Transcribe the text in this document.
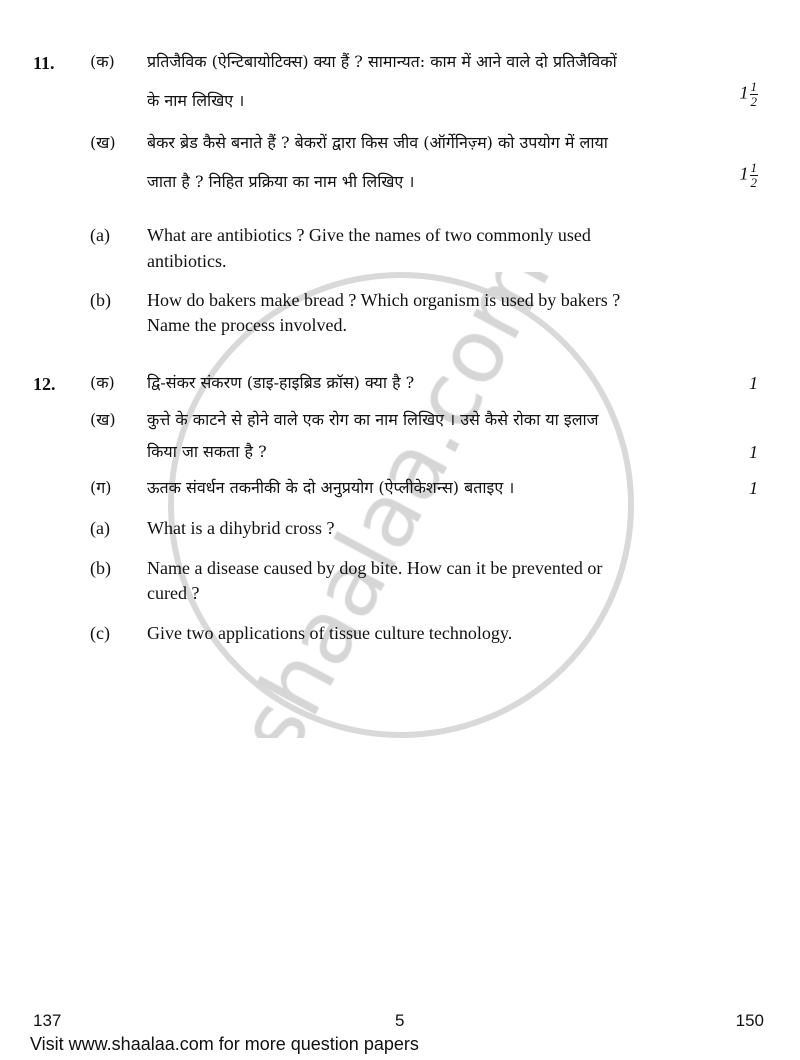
11. (क) प्रतिजैविक (ऐन्टिबायोटिक्स) क्या हैं ? सामान्यत: काम में आने वाले दो प्रतिजैविकों
के नाम लिखिए ।	$1 \frac{1}{2}$
(ख) बेकर ब्रेड कैसे बनाते हैं ? बेकरों द्वारा किस जीव (ऑर्गेनिज़्म) को उपयोग में लाया
जाता है ? निहित प्रक्रिया का नाम भी लिखिए ।	$1 \frac{1}{2}$
(a) What are antibiotics ? Give the names of two commonly used
antibiotics.
(b) How do bakers make bread ? Which organism is used by bakers ?
Name the process involved.
12. (क) द्वि-संकर संकरण (डाइ-हाइब्रिड क्रॉस) क्या है ?	1
(ख) कुत्ते के काटने से होने वाले एक रोग का नाम लिखिए । उसे कैसे रोका या इलाज
किया जा सकता है ?	1
(ग) ऊतक संवर्धन तकनीकी के दो अनुप्रयोग (ऐप्लीकेशन्स) बताइए ।	1
(a) What is a dihybrid cross ?
(b) Name a disease caused by dog bite. How can it be prevented or
cured ?
(c) Give two applications of tissue culture technology.
137	5	150
Visit www.shaalaa.com for more question papers
